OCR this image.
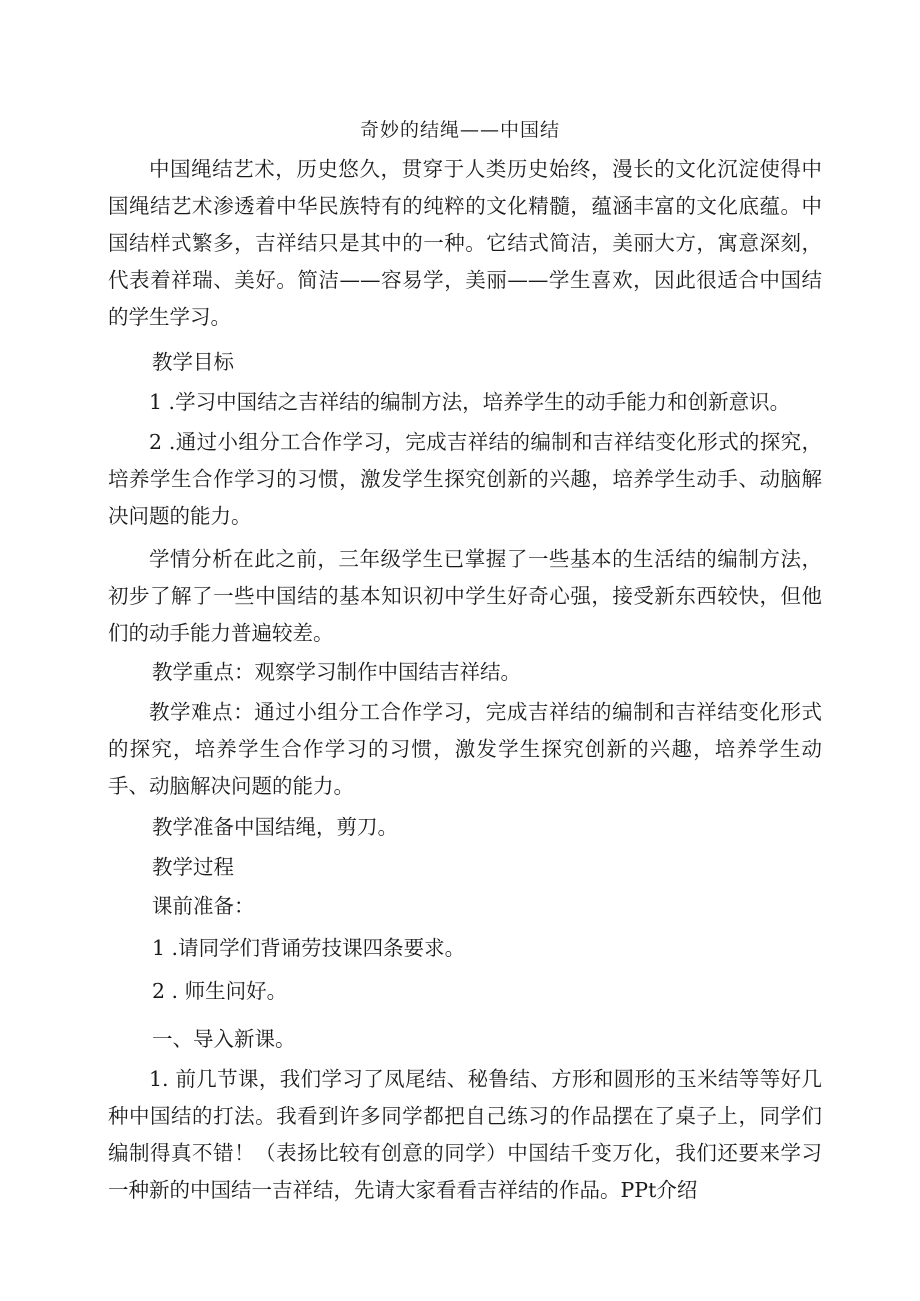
奇妙的结绳——中国结

中国绳结艺术，历史悠久，贯穿于人类历史始终，漫长的文化沉淀使得中国绳结艺术渗透着中华民族特有的纯粹的文化精髓，蕴涵丰富的文化底蕴。中国结样式繁多，吉祥结只是其中的一种。它结式简洁，美丽大方，寓意深刻，代表着祥瑞、美好。简洁——容易学，美丽——学生喜欢，因此很适合中国结的学生学习。

教学目标

1 .学习中国结之吉祥结的编制方法，培养学生的动手能力和创新意识。

2 .通过小组分工合作学习，完成吉祥结的编制和吉祥结变化形式的探究，培养学生合作学习的习惯，激发学生探究创新的兴趣，培养学生动手、动脑解决问题的能力。

学情分析在此之前，三年级学生已掌握了一些基本的生活结的编制方法，初步了解了一些中国结的基本知识初中学生好奇心强，接受新东西较快，但他们的动手能力普遍较差。

教学重点：观察学习制作中国结吉祥结。

教学难点：通过小组分工合作学习，完成吉祥结的编制和吉祥结变化形式的探究，培养学生合作学习的习惯，激发学生探究创新的兴趣，培养学生动手、动脑解决问题的能力。

教学准备中国结绳，剪刀。

教学过程

课前准备：

1 .请同学们背诵劳技课四条要求。

2 . 师生问好。

一、导入新课。

1. 前几节课，我们学习了凤尾结、秘鲁结、方形和圆形的玉米结等等好几种中国结的打法。我看到许多同学都把自己练习的作品摆在了桌子上，同学们编制得真不错！（表扬比较有创意的同学）中国结千变万化，我们还要来学习一种新的中国结一吉祥结，先请大家看看吉祥结的作品。PPt介绍
